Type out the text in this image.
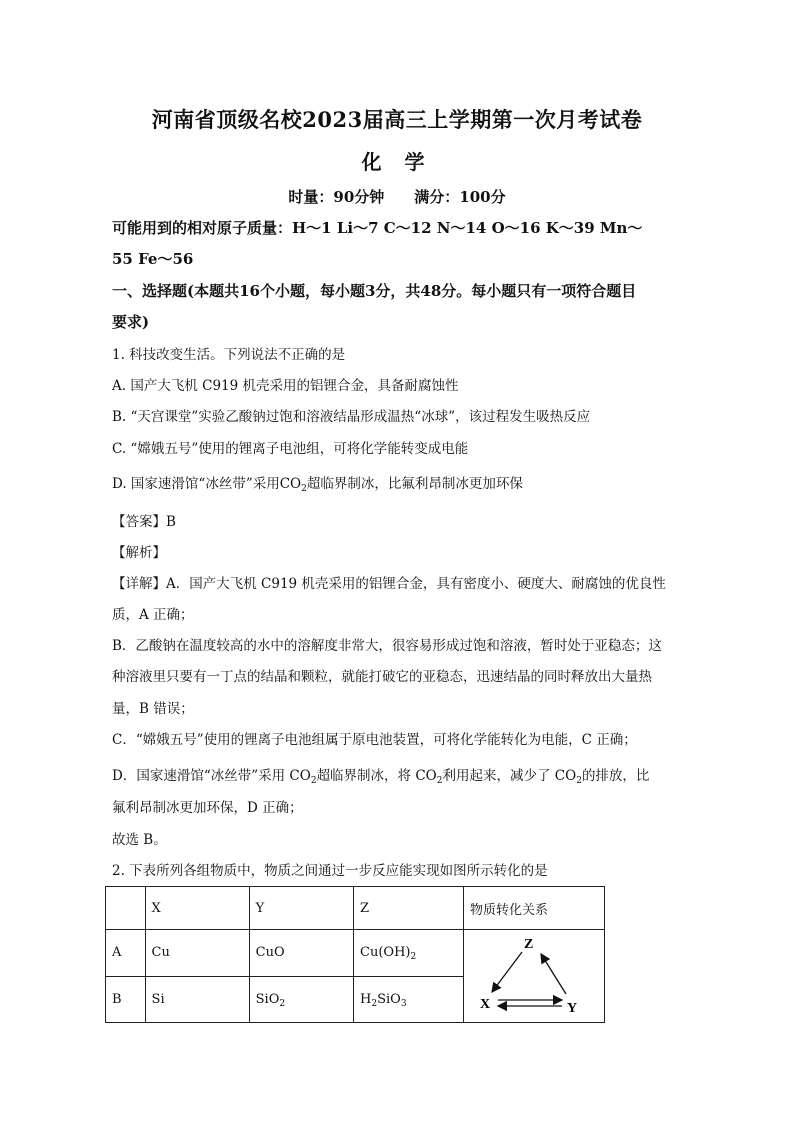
河南省顶级名校2023届高三上学期第一次月考试卷
化 学
时量：90分钟 满分：100分
可能用到的相对原子质量：H～1 Li～7 C～12 N～14 O～16 K～39 Mn～
55 Fe～56
一、选择题(本题共16个小题，每小题3分，共48分。每小题只有一项符合题目
要求)
1. 科技改变生活。下列说法不正确的是
A. 国产大飞机 C919 机壳采用的铝锂合金，具备耐腐蚀性
B. “天宫课堂”实验乙酸钠过饱和溶液结晶形成温热“冰球”，该过程发生吸热反应
C. “嫦娥五号”使用的锂离子电池组，可将化学能转变成电能
D. 国家速滑馆“冰丝带”采用$CO_2$超临界制冰，比氟利昂制冰更加环保
【答案】B
【解析】
【详解】A．国产大飞机 C919 机壳采用的铝锂合金，具有密度小、硬度大、耐腐蚀的优良性
质，A 正确；
B．乙酸钠在温度较高的水中的溶解度非常大，很容易形成过饱和溶液，暂时处于亚稳态；这
种溶液里只要有一丁点的结晶和颗粒，就能打破它的亚稳态，迅速结晶的同时释放出大量热
量，B 错误；
C．“嫦娥五号”使用的锂离子电池组属于原电池装置，可将化学能转化为电能，C 正确；
D．国家速滑馆“冰丝带”采用 $CO_2$超临界制冰，将 $CO_2$利用起来，减少了 $CO_2$的排放，比
氟利昂制冰更加环保，D 正确；
故选 B。
2. 下表所列各组物质中，物质之间通过一步反应能实现如图所示转化的是
	X	Y	Z	物质转化关系
A	Cu	CuO	$Cu(OH)_2$	Z
X Y

B	Si	SiO$_2$	$H_2SiO_3$
